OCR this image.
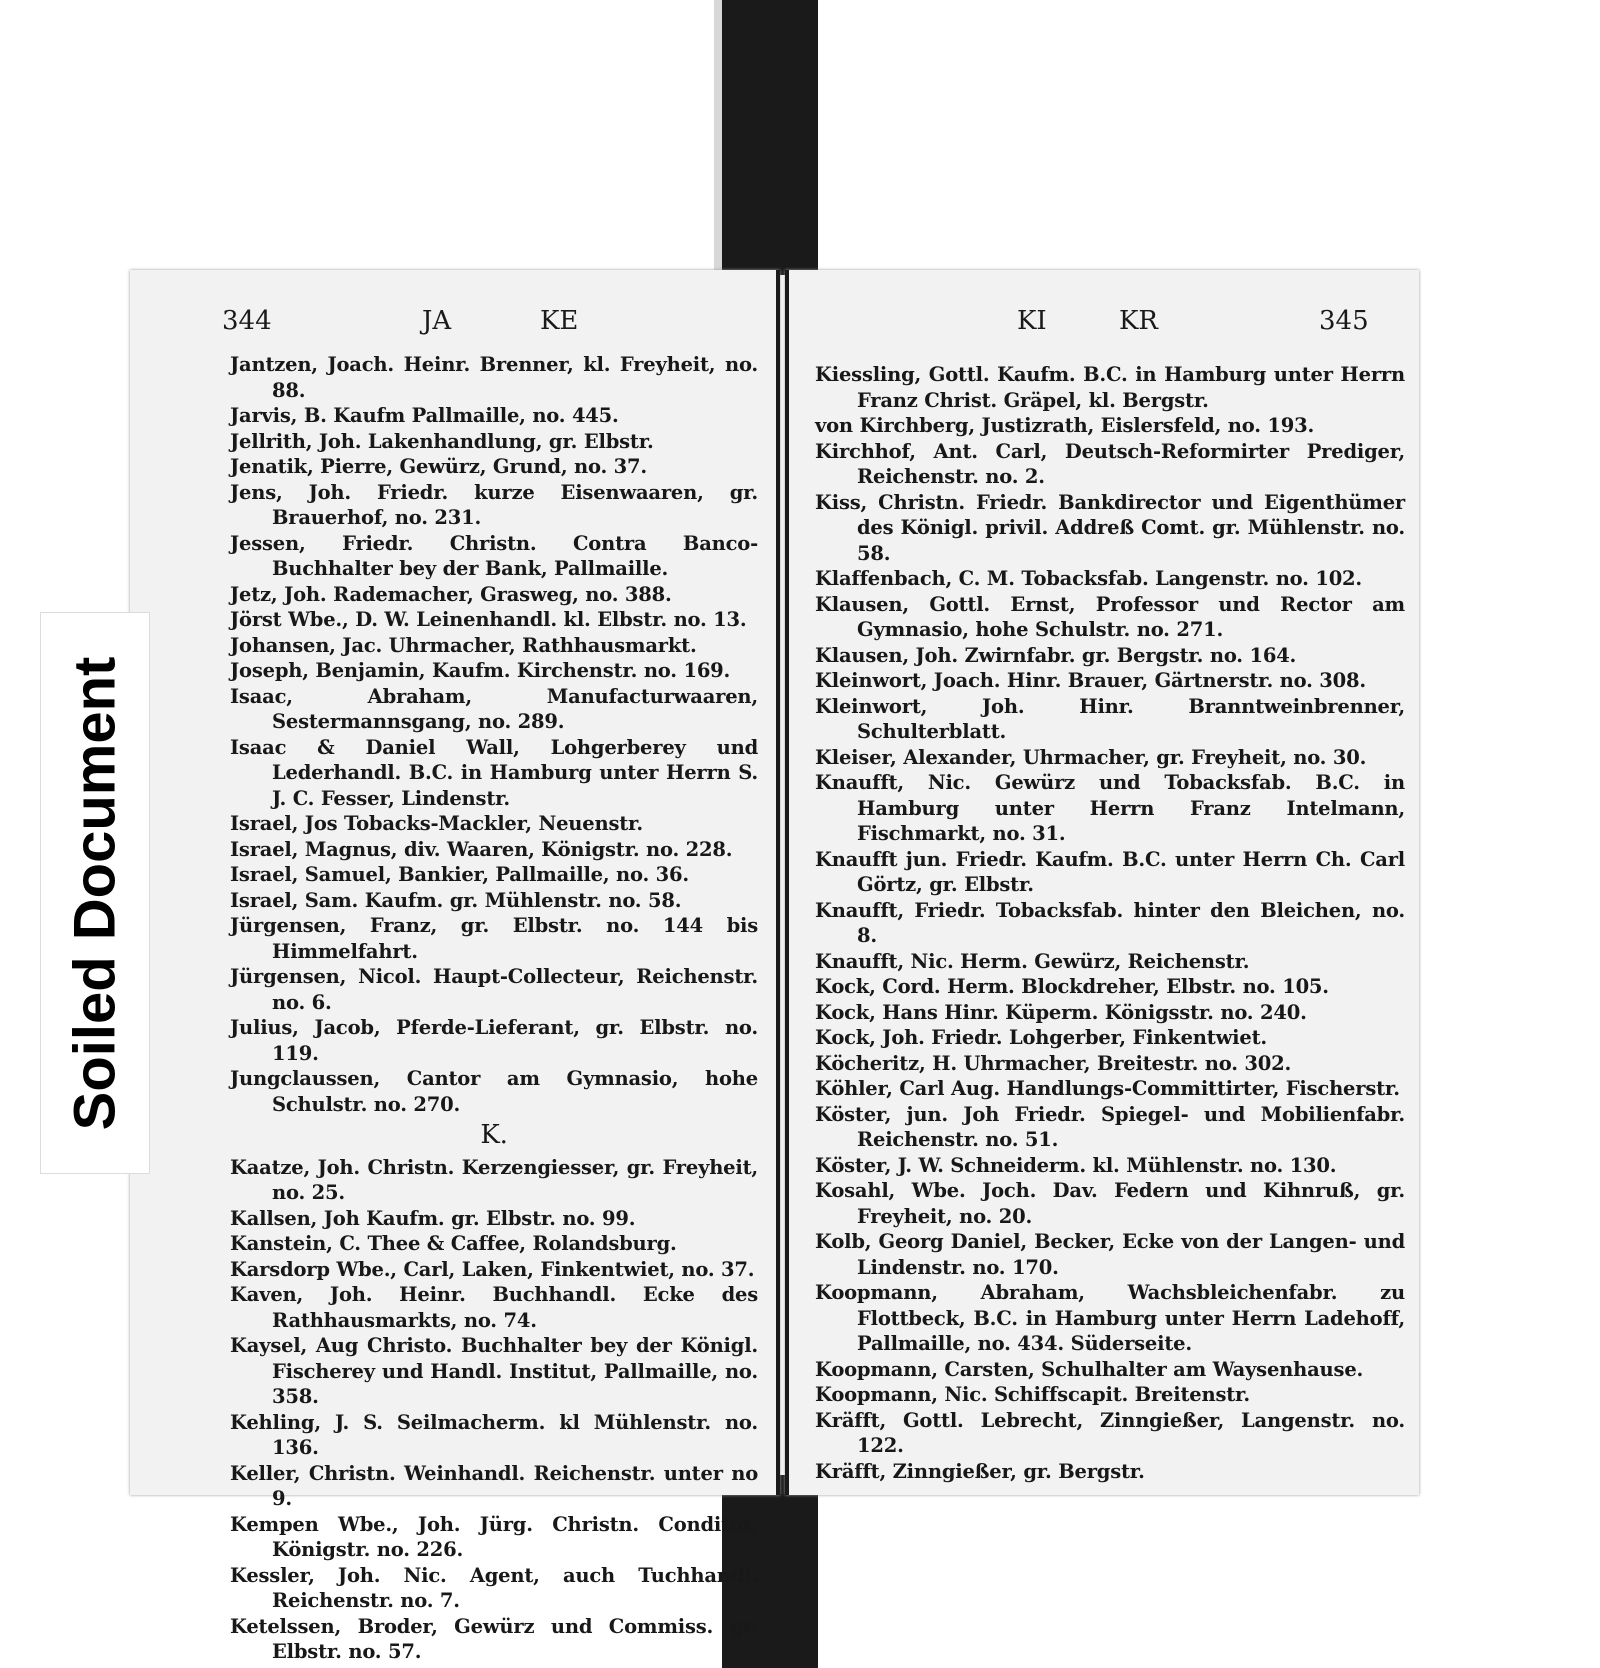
344	JA	KE

Jantzen, Joach. Heinr. Brenner, kl. Freyheit, no. 88.

Jarvis, B. Kaufm Pallmaille, no. 445.

Jellrith, Joh. Lakenhandlung, gr. Elbstr.

Jenatik, Pierre, Gewürz, Grund, no. 37.

Jens, Joh. Friedr. kurze Eisenwaaren, gr. Brauerhof, no. 231.

Jessen, Friedr. Christn. Contra Banco-Buchhalter bey der Bank, Pallmaille.

Jetz, Joh. Rademacher, Grasweg, no. 388.

Jörst Wbe., D. W. Leinenhandl. kl. Elbstr. no. 13.

Johansen, Jac. Uhrmacher, Rathhausmarkt.

Joseph, Benjamin, Kaufm. Kirchenstr. no. 169.

Isaac, Abraham, Manufacturwaaren, Sestermannsgang, no. 289.

Isaac & Daniel Wall, Lohgerberey und Lederhandl. B.C. in Hamburg unter Herrn S. J. C. Fesser, Lindenstr.

Israel, Jos Tobacks-Mackler, Neuenstr.

Israel, Magnus, div. Waaren, Königstr. no. 228.

Israel, Samuel, Bankier, Pallmaille, no. 36.

Israel, Sam. Kaufm. gr. Mühlenstr. no. 58.

Jürgensen, Franz, gr. Elbstr. no. 144 bis Himmelfahrt.

Jürgensen, Nicol. Haupt-Collecteur, Reichenstr. no. 6.

Julius, Jacob, Pferde-Lieferant, gr. Elbstr. no. 119.

Jungclaussen, Cantor am Gymnasio, hohe Schulstr. no. 270.

K.

Kaatze, Joh. Christn. Kerzengiesser, gr. Freyheit, no. 25.

Kallsen, Joh Kaufm. gr. Elbstr. no. 99.

Kanstein, C. Thee & Caffee, Rolandsburg.

Karsdorp Wbe., Carl, Laken, Finkentwiet, no. 37.

Kaven, Joh. Heinr. Buchhandl. Ecke des Rathhausmarkts, no. 74.

Kaysel, Aug Christo. Buchhalter bey der Königl. Fischerey und Handl. Institut, Pallmaille, no. 358.

Kehling, J. S. Seilmacherm. kl Mühlenstr. no. 136.

Keller, Christn. Weinhandl. Reichenstr. unter no 9.

Kempen Wbe., Joh. Jürg. Christn. Conditor, Königstr. no. 226.

Kessler, Joh. Nic. Agent, auch Tuchhandl. Reichenstr. no. 7.

Ketelssen, Broder, Gewürz und Commiss. gr. Elbstr. no. 57.

KI	KR	345

Kiessling, Gottl. Kaufm. B.C. in Hamburg unter Herrn Franz Christ. Gräpel, kl. Bergstr.

von Kirchberg, Justizrath, Eislersfeld, no. 193.

Kirchhof, Ant. Carl, Deutsch-Reformirter Prediger, Reichenstr. no. 2.

Kiss, Christn. Friedr. Bankdirector und Eigenthümer des Königl. privil. Addreß Comt. gr. Mühlenstr. no. 58.

Klaffenbach, C. M. Tobacksfab. Langenstr. no. 102.

Klausen, Gottl. Ernst, Professor und Rector am Gymnasio, hohe Schulstr. no. 271.

Klausen, Joh. Zwirnfabr. gr. Bergstr. no. 164.

Kleinwort, Joach. Hinr. Brauer, Gärtnerstr. no. 308.

Kleinwort, Joh. Hinr. Branntweinbrenner, Schulterblatt.

Kleiser, Alexander, Uhrmacher, gr. Freyheit, no. 30.

Knaufft, Nic. Gewürz und Tobacksfab. B.C. in Hamburg unter Herrn Franz Intelmann, Fischmarkt, no. 31.

Knaufft jun. Friedr. Kaufm. B.C. unter Herrn Ch. Carl Görtz, gr. Elbstr.

Knaufft, Friedr. Tobacksfab. hinter den Bleichen, no. 8.

Knaufft, Nic. Herm. Gewürz, Reichenstr.

Kock, Cord. Herm. Blockdreher, Elbstr. no. 105.

Kock, Hans Hinr. Küperm. Königsstr. no. 240.

Kock, Joh. Friedr. Lohgerber, Finkentwiet.

Köcheritz, H. Uhrmacher, Breitestr. no. 302.

Köhler, Carl Aug. Handlungs-Committirter, Fischerstr.

Köster, jun. Joh Friedr. Spiegel- und Mobilienfabr. Reichenstr. no. 51.

Köster, J. W. Schneiderm. kl. Mühlenstr. no. 130.

Kosahl, Wbe. Joch. Dav. Federn und Kihnruß, gr. Freyheit, no. 20.

Kolb, Georg Daniel, Becker, Ecke von der Langen- und Lindenstr. no. 170.

Koopmann, Abraham, Wachsbleichenfabr. zu Flottbeck, B.C. in Hamburg unter Herrn Ladehoff, Pallmaille, no. 434. Süderseite.

Koopmann, Carsten, Schulhalter am Waysenhause.

Koopmann, Nic. Schiffscapit. Breitenstr.

Kräfft, Gottl. Lebrecht, Zinngießer, Langenstr. no. 122.

Kräfft, Zinngießer, gr. Bergstr.

Soiled Document
